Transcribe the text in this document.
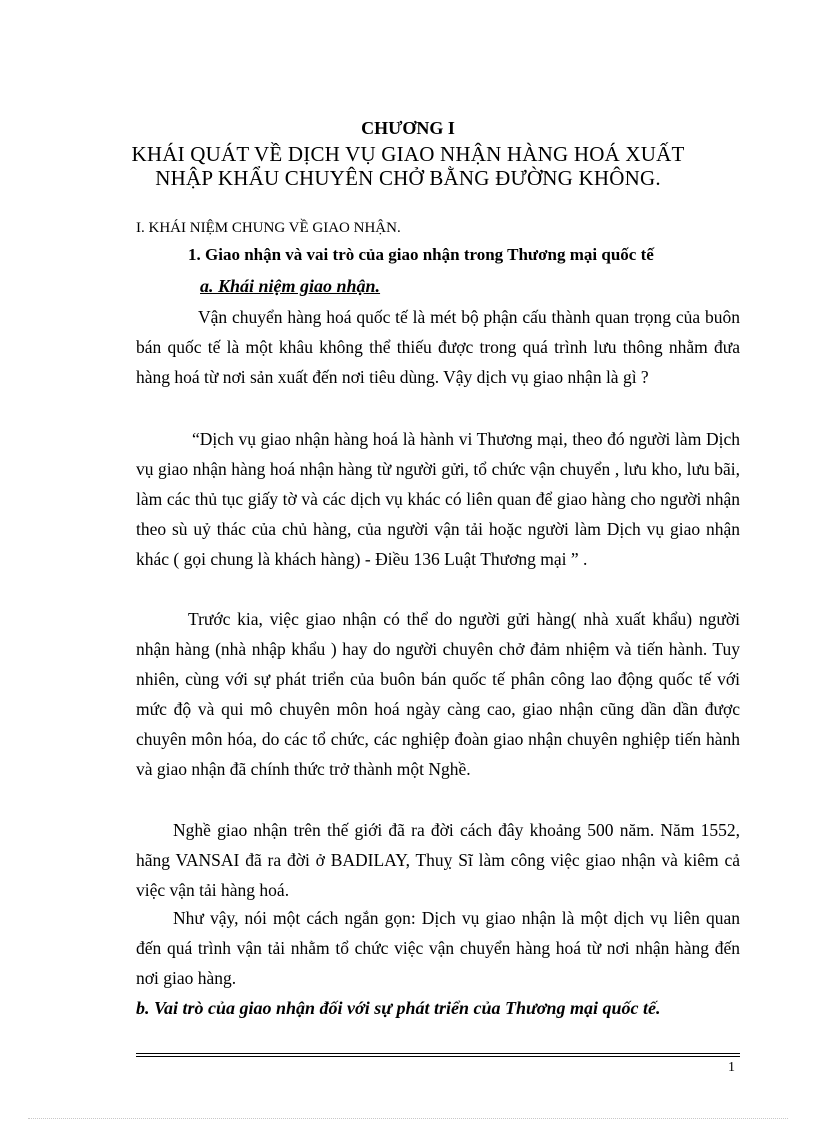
CHƯƠNG I
KHÁI QUÁT VỀ DỊCH VỤ GIAO NHẬN HÀNG HOÁ XUẤT
NHẬP KHẨU CHUYÊN CHỞ BẰNG ĐƯỜNG KHÔNG.
I. KHÁI NIỆM CHUNG VỀ GIAO NHẬN.
1. Giao nhận và vai trò của giao nhận trong Thương mại quốc tế
a. Khái niệm giao nhận.
Vận chuyển hàng hoá quốc tế là mét bộ phận cấu thành quan trọng của buôn bán quốc tế là một khâu không thể thiếu được trong quá trình lưu thông nhằm đưa hàng hoá từ nơi sản xuất đến nơi tiêu dùng. Vậy dịch vụ giao nhận là gì ?
“Dịch vụ giao nhận hàng hoá là hành vi Thương mại, theo đó người làm Dịch vụ giao nhận hàng hoá nhận hàng từ người gửi, tổ chức vận chuyển , lưu kho, lưu bãi, làm các thủ tục giấy tờ và các dịch vụ khác có liên quan để giao hàng cho người nhận theo sù uỷ thác của chủ hàng, của người vận tải hoặc người làm Dịch vụ giao nhận khác ( gọi chung là khách hàng) - Điều 136 Luật Thương mại ” .
Trước kia, việc giao nhận có thể do người gửi hàng( nhà xuất khẩu) người nhận hàng (nhà nhập khẩu ) hay do người chuyên chở đảm nhiệm và tiến hành. Tuy nhiên, cùng với sự phát triển của buôn bán quốc tế phân công lao động quốc tế với mức độ và qui mô chuyên môn hoá ngày càng cao, giao nhận cũng dần dần được chuyên môn hóa, do các tổ chức, các nghiệp đoàn giao nhận chuyên nghiệp tiến hành và giao nhận đã chính thức trở thành một Nghề.
Nghề giao nhận trên thế giới đã ra đời cách đây khoảng 500 năm. Năm 1552, hãng VANSAI đã ra đời ở BADILAY, Thuỵ Sĩ làm công việc giao nhận và kiêm cả việc vận tải hàng hoá.
Như vậy, nói một cách ngắn gọn: Dịch vụ giao nhận là một dịch vụ liên quan đến quá trình vận tải nhằm tổ chức việc vận chuyển hàng hoá từ nơi nhận hàng đến nơi giao hàng.
b. Vai trò của giao nhận đối với sự phát triển của Thương mại quốc tế.
1
